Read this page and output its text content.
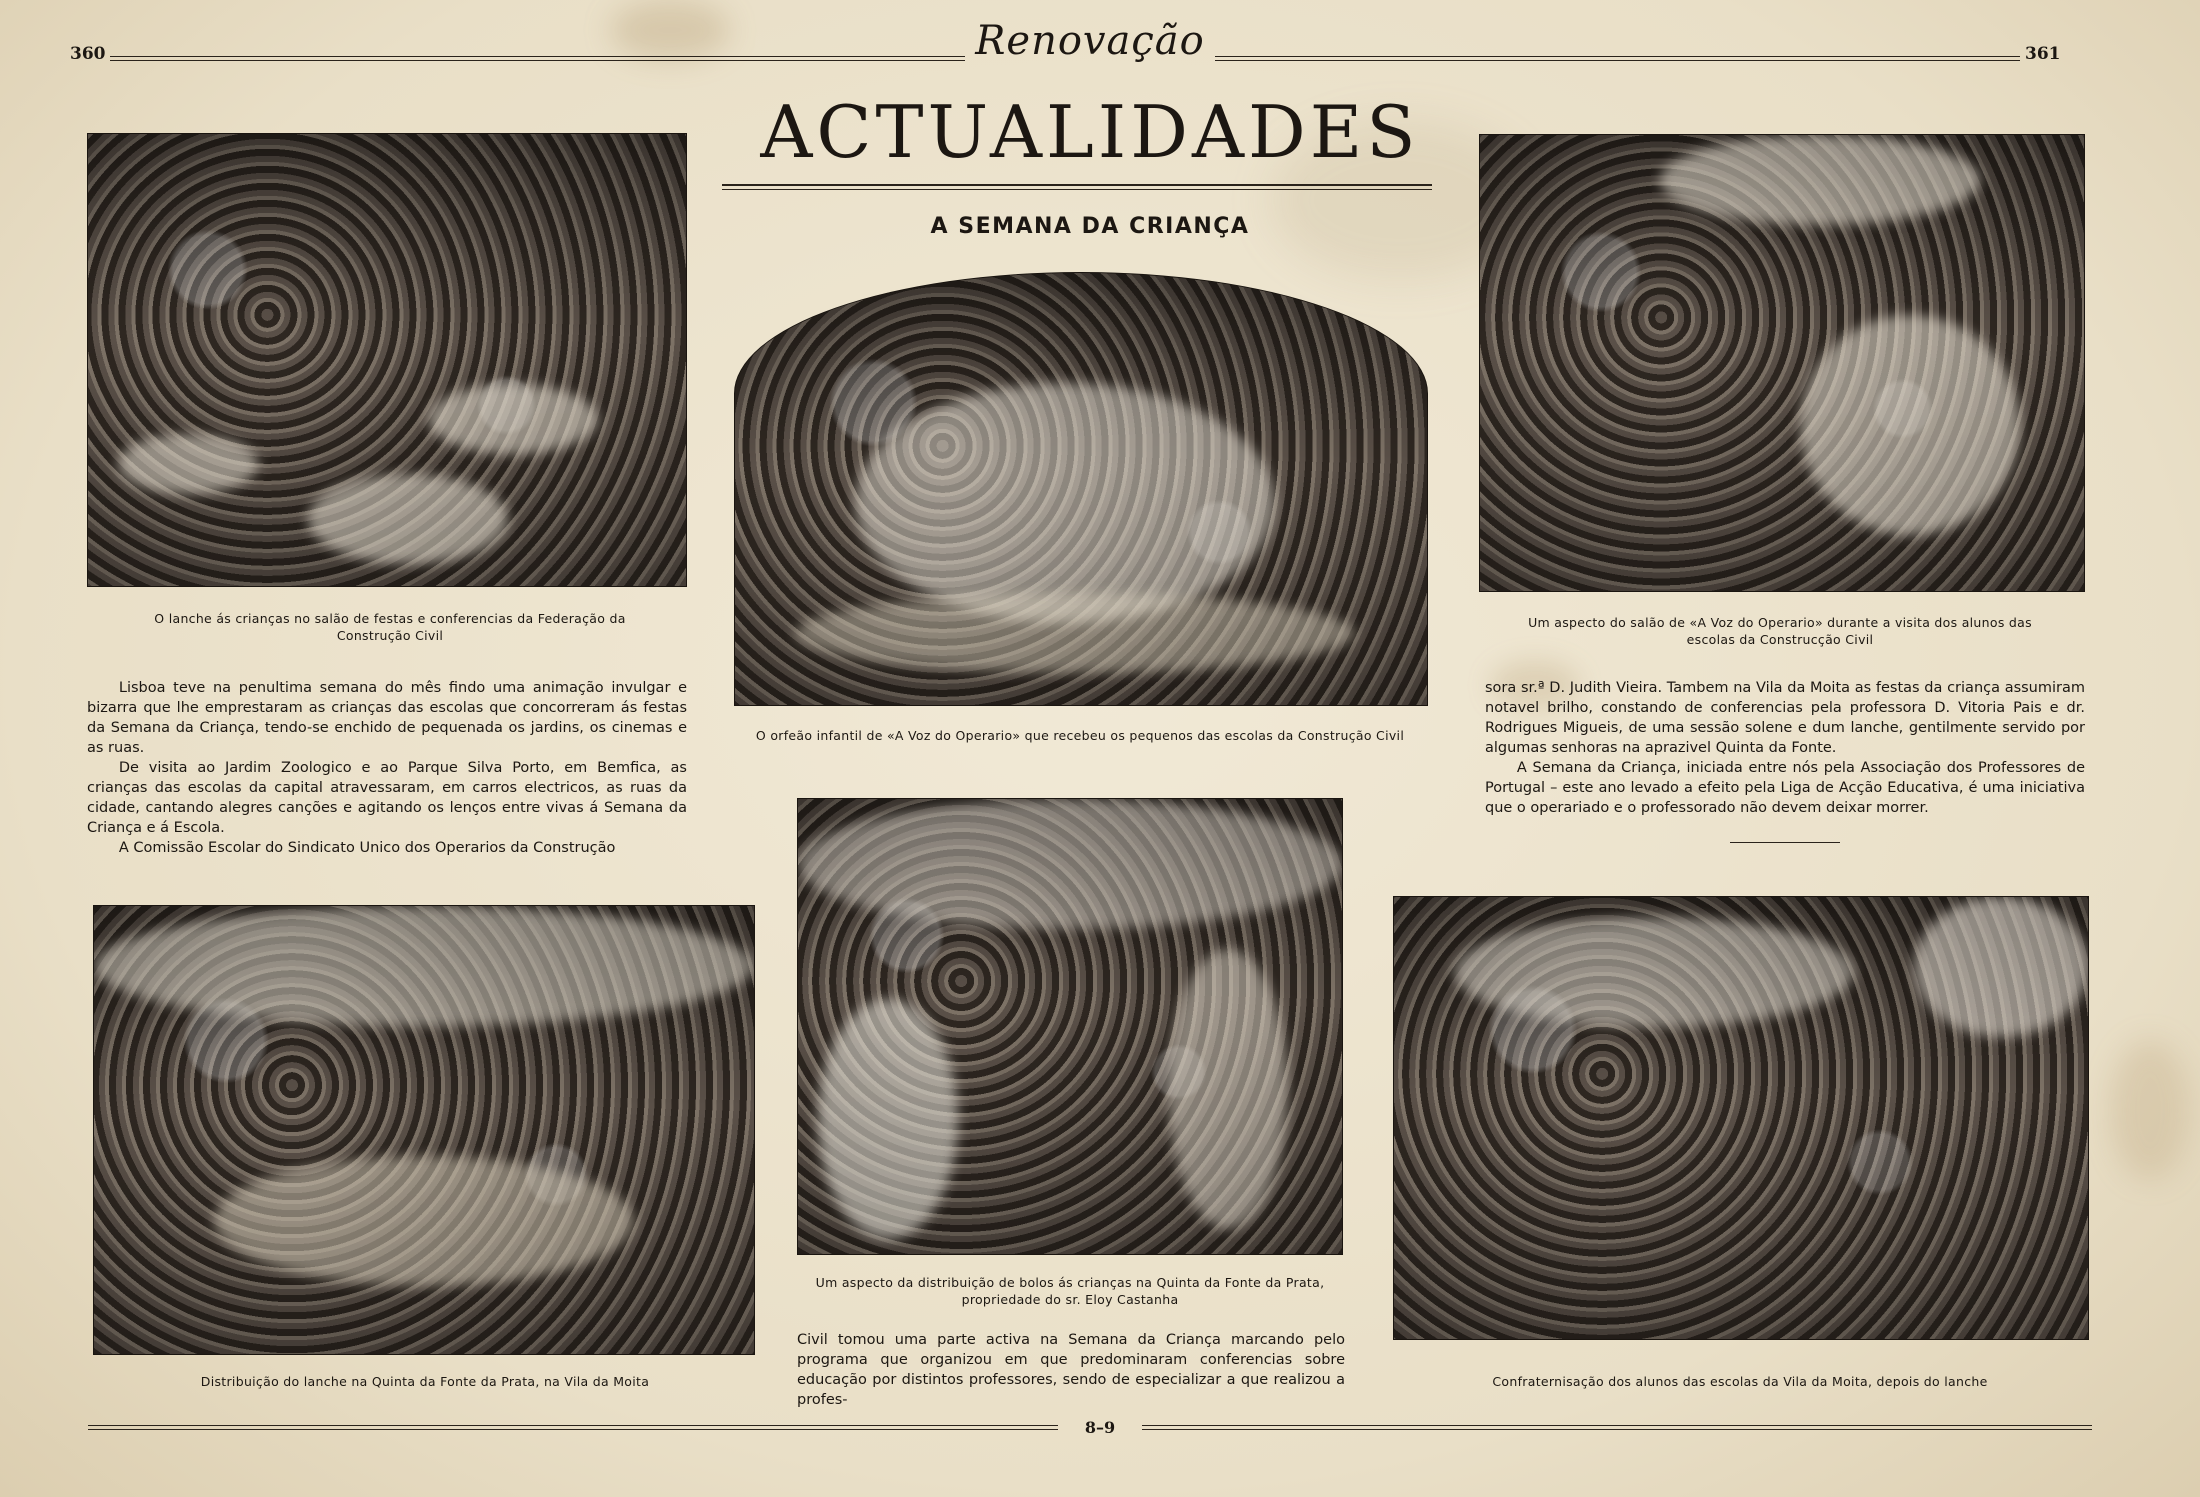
360	Renovação	361
ACTUALIDADES
A SEMANA DA CRIANÇA
O lanche ás crianças no salão de festas e conferencias da Federação da Construção Civil
O orfeão infantil de «A Voz do Operario» que recebeu os pequenos das escolas da Construção Civil
Um aspecto do salão de «A Voz do Operario» durante a visita dos alunos das escolas da Construcção Civil

Lisboa teve na penultima semana do mês findo uma animação invulgar e bizarra que lhe emprestaram as crianças das escolas que concorreram ás festas da Semana da Criança, tendo-se enchido de pequenada os jardins, os cinemas e as ruas.

De visita ao Jardim Zoologico e ao Parque Silva Porto, em Bemfica, as crianças das escolas da capital atravessaram, em carros electricos, as ruas da cidade, cantando alegres canções e agitando os lenços entre vivas á Semana da Criança e á Escola.

A Comissão Escolar do Sindicato Unico dos Operarios da Construção

sora sr.ª D. Judith Vieira. Tambem na Vila da Moita as festas da criança assumiram notavel brilho, constando de conferencias pela professora D. Vitoria Pais e dr. Rodrigues Migueis, de uma sessão solene e dum lanche, gentilmente servido por algumas senhoras na aprazivel Quinta da Fonte.

A Semana da Criança, iniciada entre nós pela Associação dos Professores de Portugal – este ano levado a efeito pela Liga de Acção Educativa, é uma iniciativa que o operariado e o professorado não devem deixar morrer.

Distribuição do lanche na Quinta da Fonte da Prata, na Vila da Moita
Um aspecto da distribuição de bolos ás crianças na Quinta da Fonte da Prata, propriedade do sr. Eloy Castanha

Civil tomou uma parte activa na Semana da Criança marcando pelo programa que organizou em que predominaram conferencias sobre educação por distintos professores, sendo de especializar a que realizou a profes-

Confraternisação dos alunos das escolas da Vila da Moita, depois do lanche
8–9
